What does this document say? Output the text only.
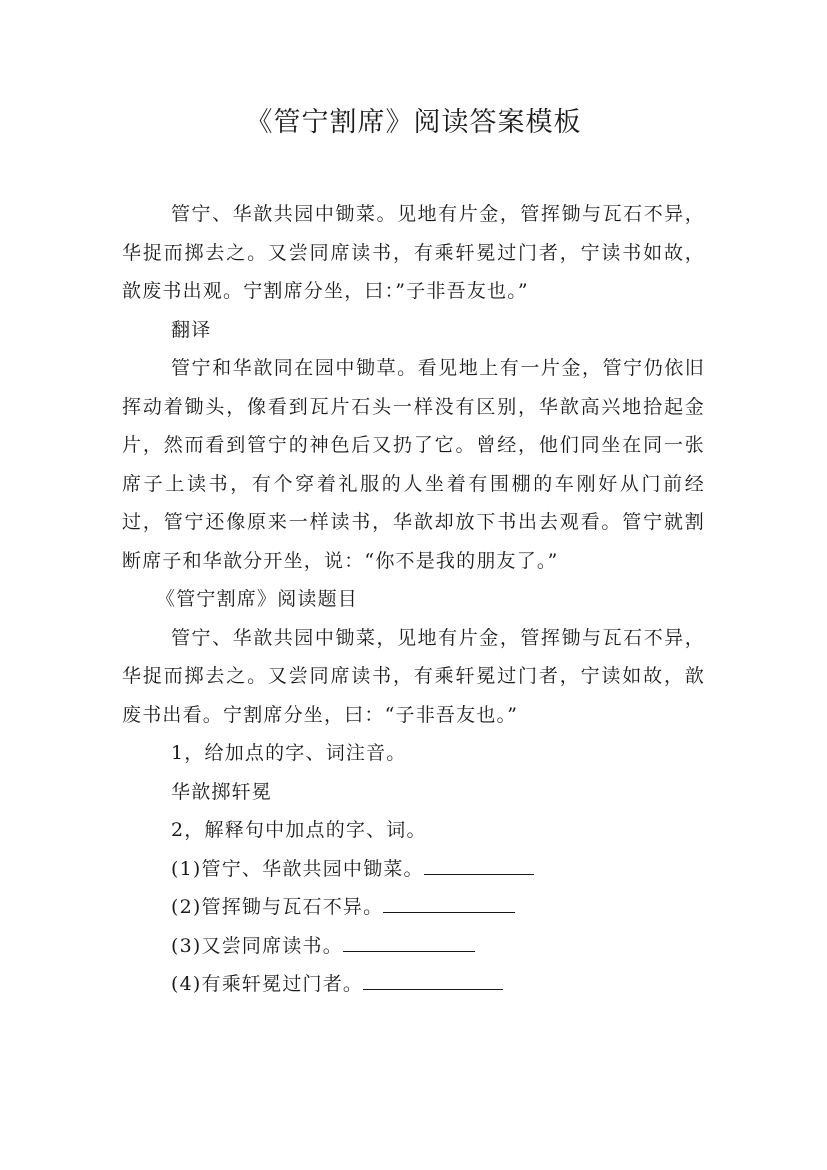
《管宁割席》阅读答案模板

管宁、华歆共园中锄菜。见地有片金，管挥锄与瓦石不异，华捉而掷去之。又尝同席读书，有乘轩冕过门者，宁读书如故，歆废书出观。宁割席分坐，曰：”子非吾友也。”

翻译

管宁和华歆同在园中锄草。看见地上有一片金，管宁仍依旧挥动着锄头，像看到瓦片石头一样没有区别，华歆高兴地拾起金片，然而看到管宁的神色后又扔了它。曾经，他们同坐在同一张席子上读书，有个穿着礼服的人坐着有围棚的车刚好从门前经过，管宁还像原来一样读书，华歆却放下书出去观看。管宁就割断席子和华歆分开坐，说：“你不是我的朋友了。”

《管宁割席》阅读题目

管宁、华歆共园中锄菜，见地有片金，管挥锄与瓦石不异，华捉而掷去之。又尝同席读书，有乘轩冕过门者，宁读如故，歆废书出看。宁割席分坐，曰：“子非吾友也。”

1，给加点的字、词注音。

华歆掷轩冕

2，解释句中加点的字、词。

(1)管宁、华歆共园中锄菜。

(2)管挥锄与瓦石不异。

(3)又尝同席读书。

(4)有乘轩冕过门者。
